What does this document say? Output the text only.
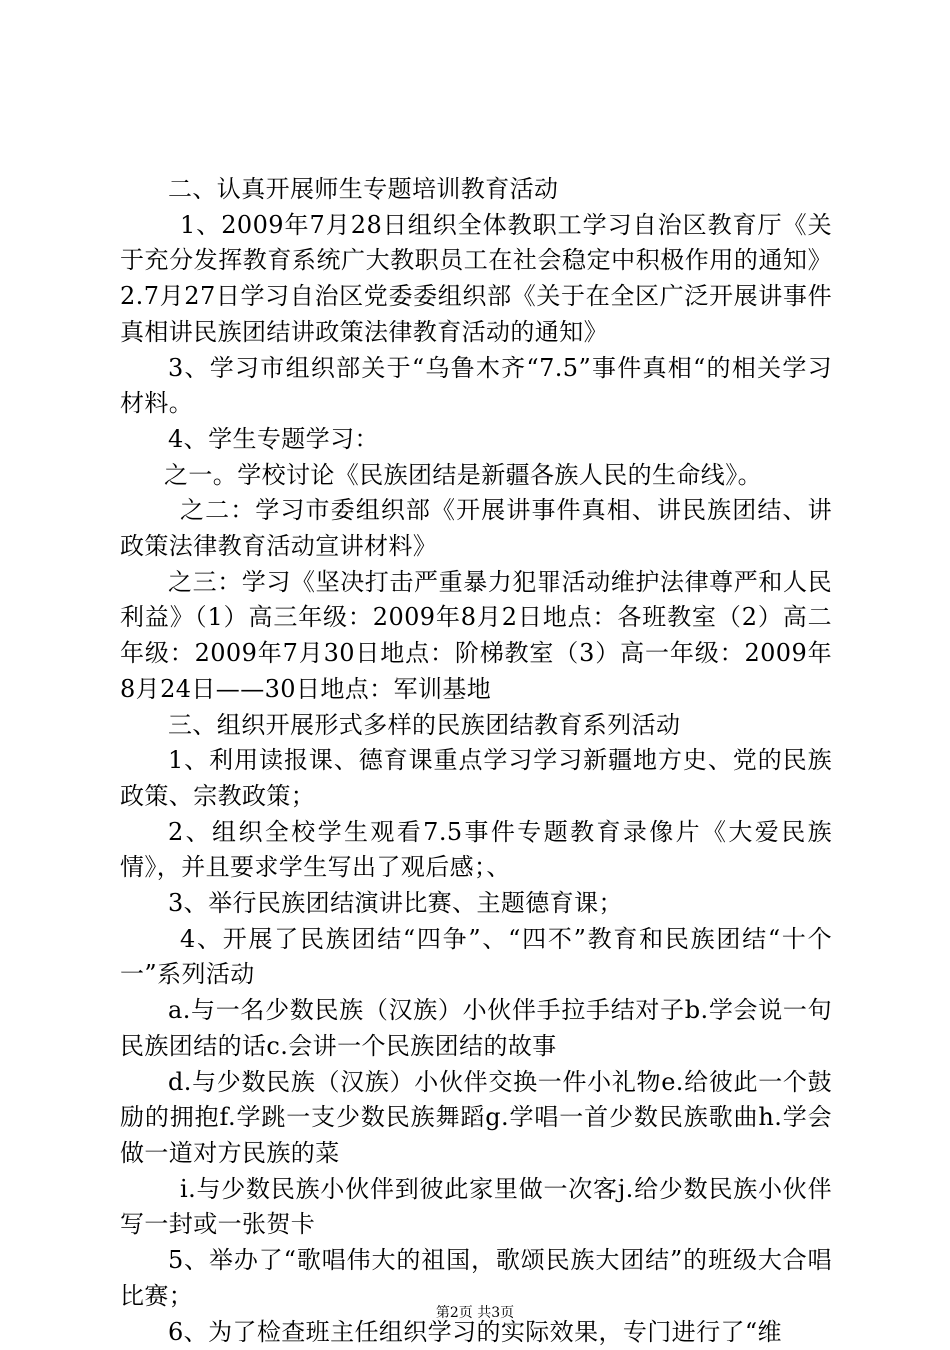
二、认真开展师生专题培训教育活动

1、2009年7月28日组织全体教职工学习自治区教育厅《关于充分发挥教育系统广大教职员工在社会稳定中积极作用的通知》2.7月27日学习自治区党委委组织部《关于在全区广泛开展讲事件真相讲民族团结讲政策法律教育活动的通知》

3、学习市组织部关于“乌鲁木齐“7.5”事件真相“的相关学习材料。

4、学生专题学习：

之一。学校讨论《民族团结是新疆各族人民的生命线》。

之二：学习市委组织部《开展讲事件真相、讲民族团结、讲政策法律教育活动宣讲材料》

之三：学习《坚决打击严重暴力犯罪活动维护法律尊严和人民利益》（1）高三年级：2009年8月2日地点：各班教室（2）高二年级：2009年7月30日地点：阶梯教室（3）高一年级：2009年8月24日——30日地点：军训基地

三、组织开展形式多样的民族团结教育系列活动

1、利用读报课、德育课重点学习学习新疆地方史、党的民族政策、宗教政策；

2、组织全校学生观看7.5事件专题教育录像片《大爱民族情》，并且要求学生写出了观后感；、

3、举行民族团结演讲比赛、主题德育课；

4、开展了民族团结“四争”、“四不”教育和民族团结“十个一”系列活动

a.与一名少数民族（汉族）小伙伴手拉手结对子b.学会说一句民族团结的话c.会讲一个民族团结的故事

d.与少数民族（汉族）小伙伴交换一件小礼物e.给彼此一个鼓励的拥抱f.学跳一支少数民族舞蹈g.学唱一首少数民族歌曲h.学会做一道对方民族的菜

i.与少数民族小伙伴到彼此家里做一次客j.给少数民族小伙伴写一封或一张贺卡

5、举办了“歌唱伟大的祖国，歌颂民族大团结”的班级大合唱比赛；

6、为了检查班主任组织学习的实际效果，专门进行了“维

第2页 共3页
